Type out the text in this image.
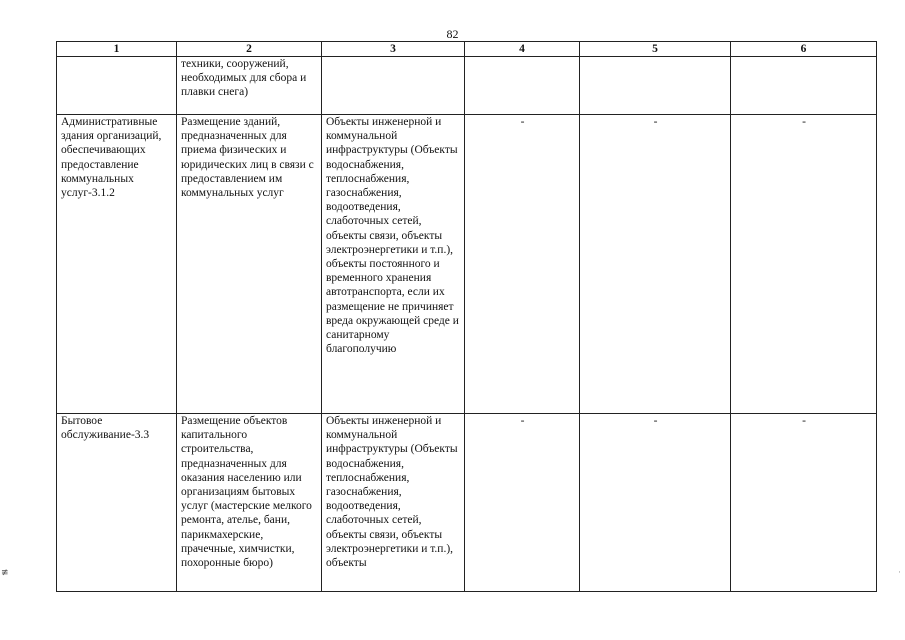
82
1	2	3	4	5	6
	техники, сооружений, необходимых для сбора и плавки снега)				
Административные здания организаций, обеспечивающих предоставление коммунальных услуг-3.1.2	Размещение зданий, предназначенных для приема физических и юридических лиц в связи с предоставлением им коммунальных услуг	Объекты инженерной и коммунальной инфраструктуры (Объекты водоснабжения, теплоснабжения, газоснабжения, водоотведения, слаботочных сетей, объекты связи, объекты электроэнергетики и т.п.), объекты постоянного и временного хранения автотранспорта, если их размещение не причиняет вреда окружающей среде и санитарному благополучию	-	-	-
Бытовое обслуживание-3.3	Размещение объектов капитального строительства, предназначенных для оказания населению или организациям бытовых услуг (мастерские мелкого ремонта, ателье, бани, парикмахерские, прачечные, химчистки, похоронные бюро)	Объекты инженерной и коммунальной инфраструктуры (Объекты водоснабжения, теплоснабжения, газоснабжения, водоотведения, слаботочных сетей, объекты связи, объекты электроэнергетики и т.п.), объекты	-	-	-
≢	·
